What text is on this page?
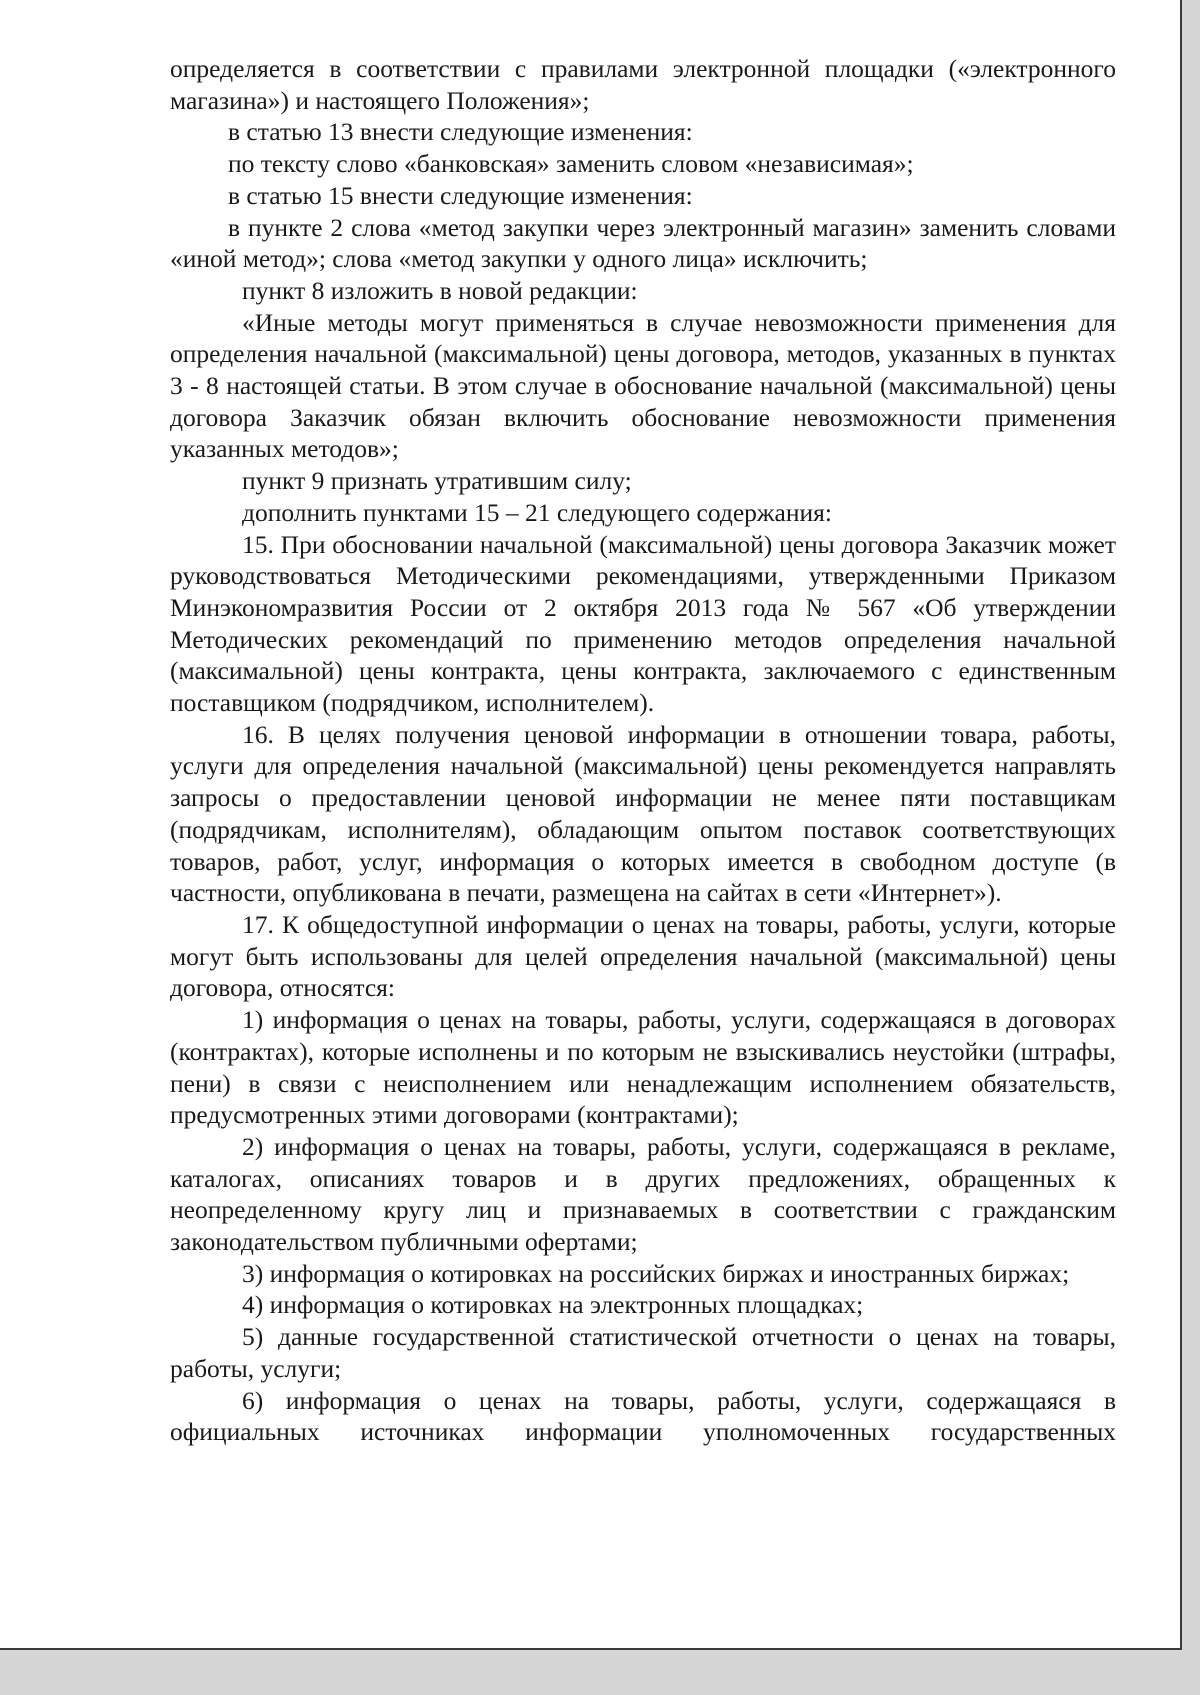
определяется в соответствии с правилами электронной площадки («электронного магазина») и настоящего Положения»;

в статью 13 внести следующие изменения:

по тексту слово «банковская» заменить словом «независимая»;

в статью 15 внести следующие изменения:

в пункте 2 слова «метод закупки через электронный магазин» заменить словами «иной метод»; слова «метод закупки у одного лица» исключить;

пункт 8 изложить в новой редакции:

«Иные методы могут применяться в случае невозможности применения для определения начальной (максимальной) цены договора, методов, указанных в пунктах 3 - 8 настоящей статьи. В этом случае в обоснование начальной (максимальной) цены договора Заказчик обязан включить обоснование невозможности применения указанных методов»;

пункт 9 признать утратившим силу;

дополнить пунктами 15 – 21 следующего содержания:

15. При обосновании начальной (максимальной) цены договора Заказчик может руководствоваться Методическими рекомендациями, утвержденными Приказом Минэкономразвития России от 2 октября 2013 года № 567 «Об утверждении Методических рекомендаций по применению методов определения начальной (максимальной) цены контракта, цены контракта, заключаемого с единственным поставщиком (подрядчиком, исполнителем).

16. В целях получения ценовой информации в отношении товара, работы, услуги для определения начальной (максимальной) цены рекомендуется направлять запросы о предоставлении ценовой информации не менее пяти поставщикам (подрядчикам, исполнителям), обладающим опытом поставок соответствующих товаров, работ, услуг, информация о которых имеется в свободном доступе (в частности, опубликована в печати, размещена на сайтах в сети «Интернет»).

17. К общедоступной информации о ценах на товары, работы, услуги, которые могут быть использованы для целей определения начальной (максимальной) цены договора, относятся:

1) информация о ценах на товары, работы, услуги, содержащаяся в договорах (контрактах), которые исполнены и по которым не взыскивались неустойки (штрафы, пени) в связи с неисполнением или ненадлежащим исполнением обязательств, предусмотренных этими договорами (контрактами);

2) информация о ценах на товары, работы, услуги, содержащаяся в рекламе, каталогах, описаниях товаров и в других предложениях, обращенных к неопределенному кругу лиц и признаваемых в соответствии с гражданским законодательством публичными офертами;

3) информация о котировках на российских биржах и иностранных биржах;

4) информация о котировках на электронных площадках;

5) данные государственной статистической отчетности о ценах на товары, работы, услуги;

6) информация о ценах на товары, работы, услуги, содержащаяся в официальных источниках информации уполномоченных государственных
